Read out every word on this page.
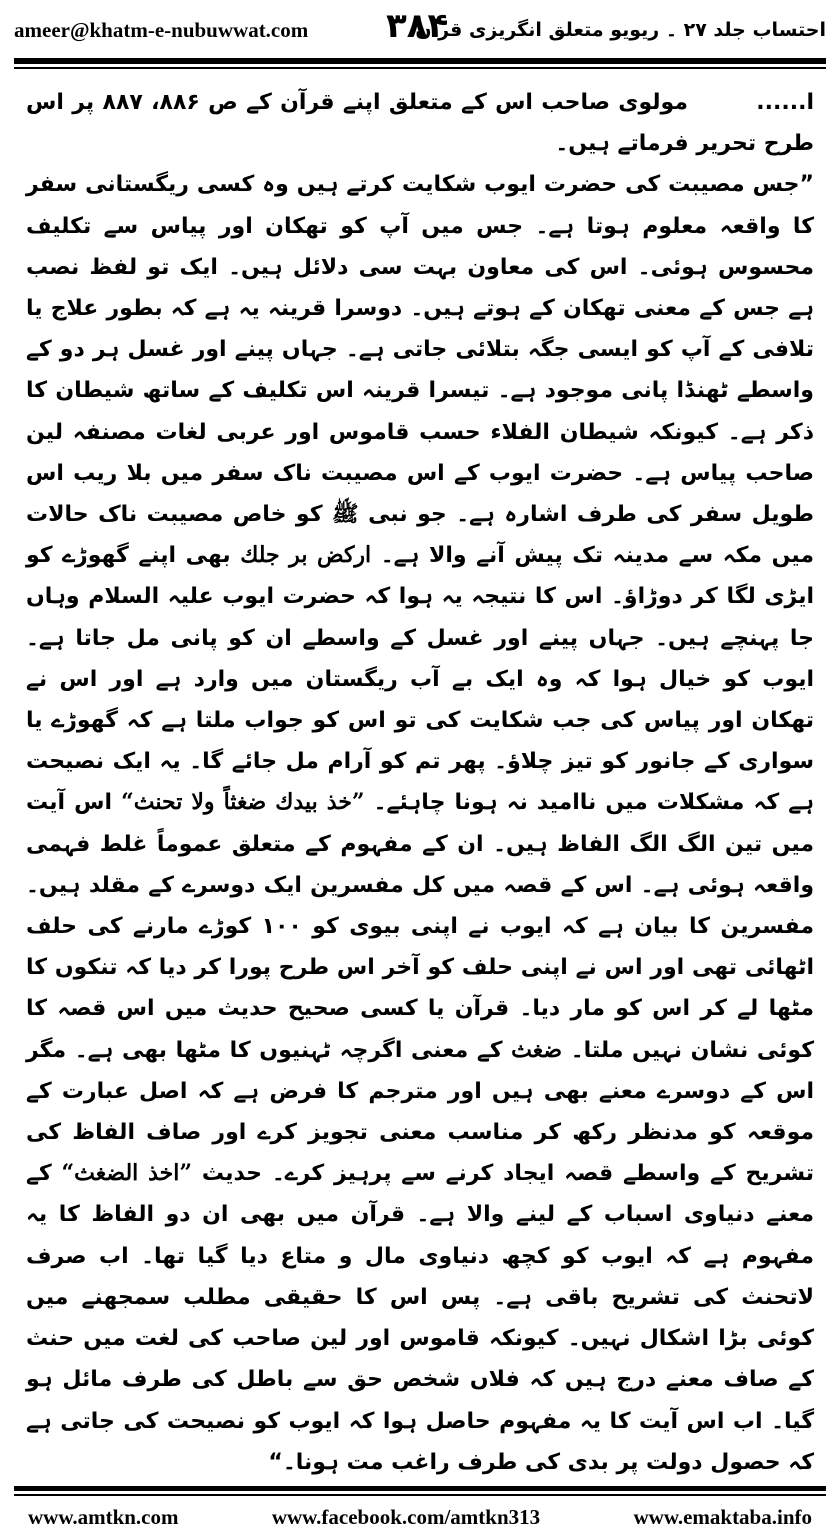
ameer@khatm-e-nubuwwat.com ۳۸۴
احتساب جلد ۲۷ ۔ ریویو متعلق انگریزی قرآن

ا...... مولوی صاحب اس کے متعلق اپنے قرآن کے ص ۸۸۶، ۸۸۷ پر اس طرح تحریر فرماتے ہیں۔

”جس مصیبت کی حضرت ایوب شکایت کرتے ہیں وہ کسی ریگستانی سفر کا واقعہ معلوم ہوتا ہے۔ جس میں آپ کو تھکان اور پیاس سے تکلیف محسوس ہوئی۔ اس کی معاون بہت سی دلائل ہیں۔ ایک تو لفظ نصب ہے جس کے معنی تھکان کے ہوتے ہیں۔ دوسرا قرینہ یہ ہے کہ بطور علاج یا تلافی کے آپ کو ایسی جگہ بتلائی جاتی ہے۔ جہاں پینے اور غسل ہر دو کے واسطے ٹھنڈا پانی موجود ہے۔ تیسرا قرینہ اس تکلیف کے ساتھ شیطان کا ذکر ہے۔ کیونکہ شیطان الفلاء حسب قاموس اور عربی لغات مصنفہ لین صاحب پیاس ہے۔ حضرت ایوب کے اس مصیبت ناک سفر میں بلا ریب اس طویل سفر کی طرف اشارہ ہے۔ جو نبی ﷺ کو خاص مصیبت ناک حالات میں مکہ سے مدینہ تک پیش آنے والا ہے۔ ارکض بر جلك بھی اپنے گھوڑے کو ایڑی لگا کر دوڑاؤ۔ اس کا نتیجہ یہ ہوا کہ حضرت ایوب علیہ السلام وہاں جا پہنچے ہیں۔ جہاں پینے اور غسل کے واسطے ان کو پانی مل جاتا ہے۔ ایوب کو خیال ہوا کہ وہ ایک بے آب ریگستان میں وارد ہے اور اس نے تھکان اور پیاس کی جب شکایت کی تو اس کو جواب ملتا ہے کہ گھوڑے یا سواری کے جانور کو تیز چلاؤ۔ پھر تم کو آرام مل جائے گا۔ یہ ایک نصیحت ہے کہ مشکلات میں ناامید نہ ہونا چاہئے۔ ”خذ بیدك ضغثاً ولا تحنث“ اس آیت میں تین الگ الگ الفاظ ہیں۔ ان کے مفہوم کے متعلق عموماً غلط فہمی واقعہ ہوئی ہے۔ اس کے قصہ میں کل مفسرین ایک دوسرے کے مقلد ہیں۔ مفسرین کا بیان ہے کہ ایوب نے اپنی بیوی کو ۱۰۰ کوڑے مارنے کی حلف اٹھائی تھی اور اس نے اپنی حلف کو آخر اس طرح پورا کر دیا کہ تنکوں کا مٹھا لے کر اس کو مار دیا۔ قرآن یا کسی صحیح حدیث میں اس قصہ کا کوئی نشان نہیں ملتا۔ ضغث کے معنی اگرچہ ٹہنیوں کا مٹھا بھی ہے۔ مگر اس کے دوسرے معنے بھی ہیں اور مترجم کا فرض ہے کہ اصل عبارت کے موقعہ کو مدنظر رکھ کر مناسب معنی تجویز کرے اور صاف الفاظ کی تشریح کے واسطے قصہ ایجاد کرنے سے پرہیز کرے۔ حدیث ”اخذ الضغث“ کے معنے دنیاوی اسباب کے لینے والا ہے۔ قرآن میں بھی ان دو الفاظ کا یہ مفہوم ہے کہ ایوب کو کچھ دنیاوی مال و متاع دیا گیا تھا۔ اب صرف لاتحنث کی تشریح باقی ہے۔ پس اس کا حقیقی مطلب سمجھنے میں کوئی بڑا اشکال نہیں۔ کیونکہ قاموس اور لین صاحب کی لغت میں حنث کے صاف معنے درج ہیں کہ فلاں شخص حق سے باطل کی طرف مائل ہو گیا۔ اب اس آیت کا یہ مفہوم حاصل ہوا کہ ایوب کو نصیحت کی جاتی ہے کہ حصول دولت پر بدی کی طرف راغب مت ہونا۔“

www.amtkn.com	www.facebook.com/amtkn313	www.emaktaba.info
